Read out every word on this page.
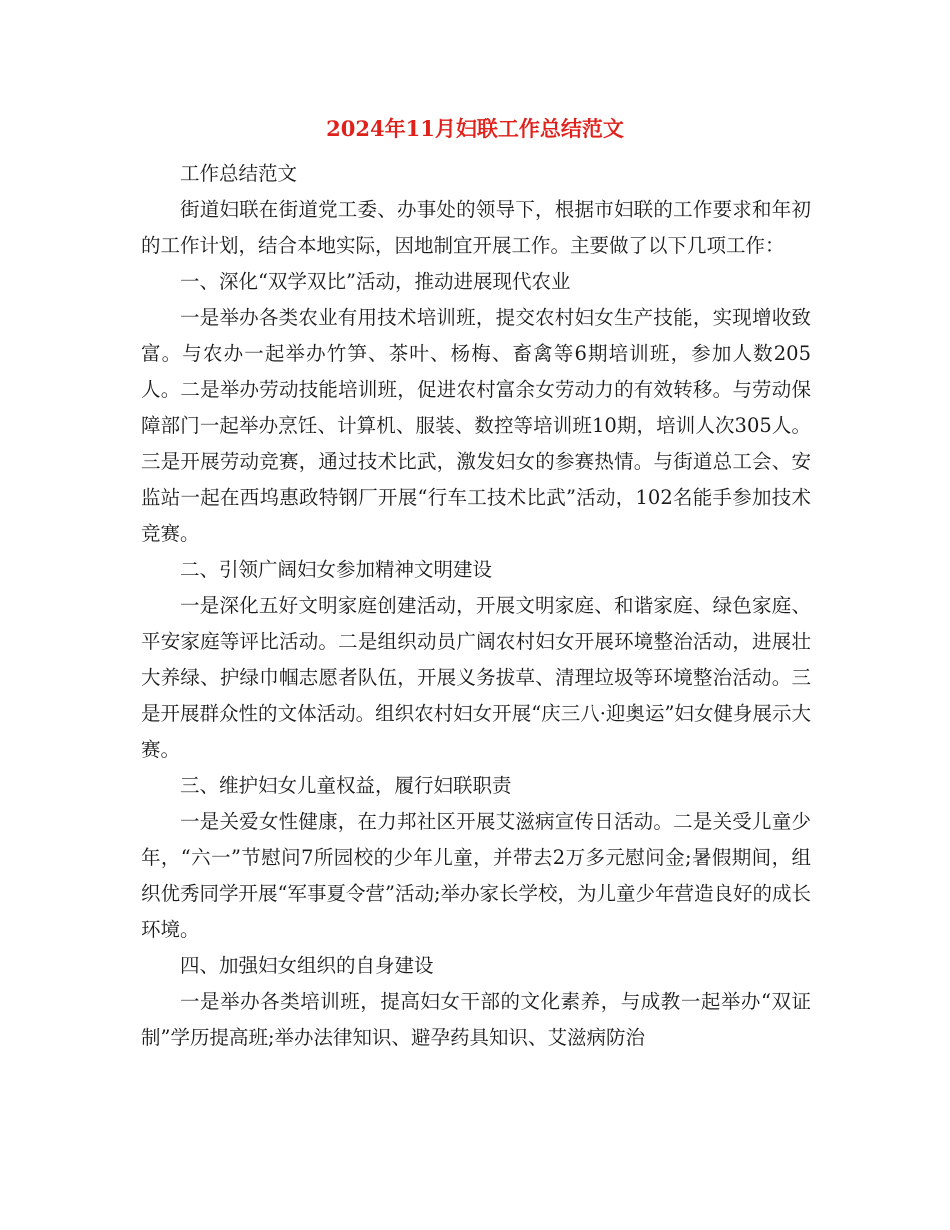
2024年11月妇联工作总结范文

工作总结范文

街道妇联在街道党工委、办事处的领导下，根据市妇联的工作要求和年初的工作计划，结合本地实际，因地制宜开展工作。主要做了以下几项工作：

一、深化“双学双比”活动，推动进展现代农业

一是举办各类农业有用技术培训班，提交农村妇女生产技能，实现增收致富。与农办一起举办竹笋、茶叶、杨梅、畜禽等6期培训班，参加人数205人。二是举办劳动技能培训班，促进农村富余女劳动力的有效转移。与劳动保障部门一起举办烹饪、计算机、服装、数控等培训班10期，培训人次305人。三是开展劳动竞赛，通过技术比武，激发妇女的参赛热情。与街道总工会、安监站一起在西坞惠政特钢厂开展“行车工技术比武”活动，102名能手参加技术竞赛。

二、引领广阔妇女参加精神文明建设

一是深化五好文明家庭创建活动，开展文明家庭、和谐家庭、绿色家庭、平安家庭等评比活动。二是组织动员广阔农村妇女开展环境整治活动，进展壮大养绿、护绿巾帼志愿者队伍，开展义务拔草、清理垃圾等环境整治活动。三是开展群众性的文体活动。组织农村妇女开展“庆三八·迎奥运”妇女健身展示大赛。

三、维护妇女儿童权益，履行妇联职责

一是关爱女性健康，在力邦社区开展艾滋病宣传日活动。二是关受儿童少年，“六一”节慰问7所园校的少年儿童，并带去2万多元慰问金;暑假期间，组织优秀同学开展“军事夏令营”活动;举办家长学校，为儿童少年营造良好的成长环境。

四、加强妇女组织的自身建设

一是举办各类培训班，提高妇女干部的文化素养，与成教一起举办“双证制”学历提高班;举办法律知识、避孕药具知识、艾滋病防治
